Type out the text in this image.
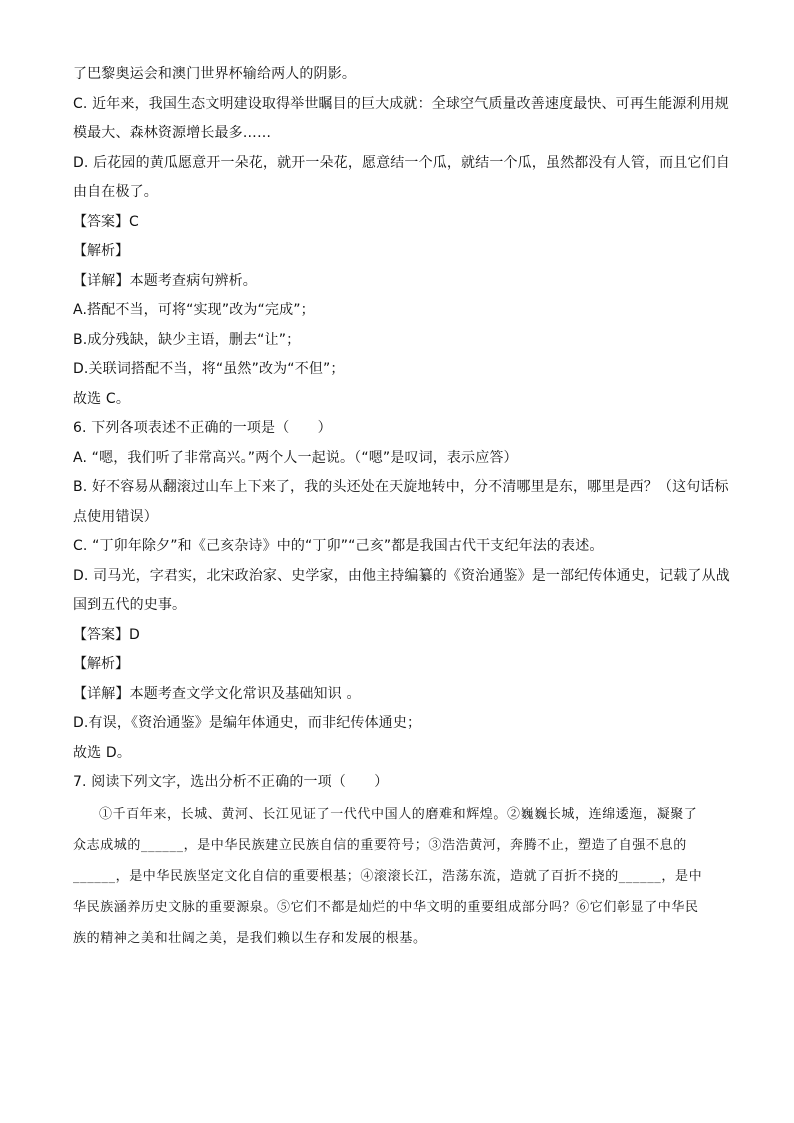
了巴黎奥运会和澳门世界杯输给两人的阴影。
C. 近年来，我国生态文明建设取得举世瞩目的巨大成就：全球空气质量改善速度最快、可再生能源利用规
模最大、森林资源增长最多……
D. 后花园的黄瓜愿意开一朵花，就开一朵花，愿意结一个瓜，就结一个瓜，虽然都没有人管，而且它们自
由自在极了。
【答案】C
【解析】
【详解】本题考查病句辨析。
A.搭配不当，可将“实现”改为“完成”；
B.成分残缺，缺少主语，删去“让”；
D.关联词搭配不当，将“虽然”改为“不但”；
故选 C。
6. 下列各项表述不正确的一项是（　　）
A. “嗯，我们听了非常高兴。”两个人一起说。（“嗯”是叹词，表示应答）
B. 好不容易从翻滚过山车上下来了，我的头还处在天旋地转中，分不清哪里是东，哪里是西？（这句话标
点使用错误）
C. “丁卯年除夕”和《己亥杂诗》中的“丁卯”“己亥”都是我国古代干支纪年法的表述。
D. 司马光，字君实，北宋政治家、史学家，由他主持编纂的《资治通鉴》是一部纪传体通史，记载了从战
国到五代的史事。
【答案】D
【解析】
【详解】本题考查文学文化常识及基础知识 。
D.有误，《资治通鉴》是编年体通史，而非纪传体通史；
故选 D。
7. 阅读下列文字，选出分析不正确的一项（　　）
①千百年来，长城、黄河、长江见证了一代代中国人的磨难和辉煌。②巍巍长城，连绵逶迤，凝聚了
众志成城的______，是中华民族建立民族自信的重要符号；③浩浩黄河，奔腾不止，塑造了自强不息的
______，是中华民族坚定文化自信的重要根基；④滚滚长江，浩荡东流，造就了百折不挠的______，是中
华民族涵养历史文脉的重要源泉。⑤它们不都是灿烂的中华文明的重要组成部分吗？⑥它们彰显了中华民
族的精神之美和壮阔之美，是我们赖以生存和发展的根基。
